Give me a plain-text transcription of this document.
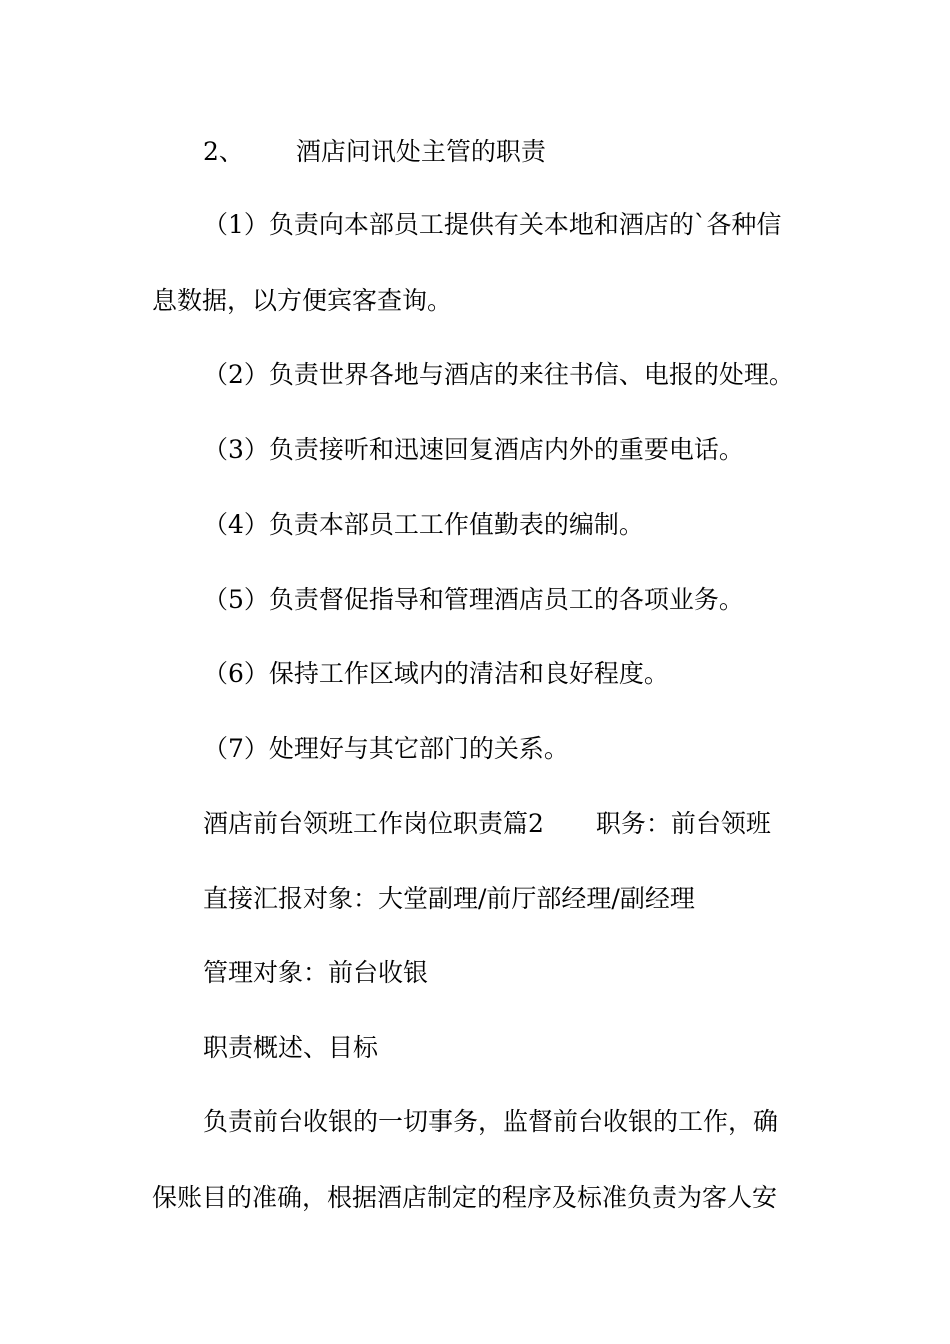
2、 酒店问讯处主管的职责
（1）负责向本部员工提供有关本地和酒店的`各种信
息数据，以方便宾客查询。
（2）负责世界各地与酒店的来往书信、电报的处理。
（3）负责接听和迅速回复酒店内外的重要电话。
（4）负责本部员工工作值勤表的编制。
（5）负责督促指导和管理酒店员工的各项业务。
（6）保持工作区域内的清洁和良好程度。
（7）处理好与其它部门的关系。
酒店前台领班工作岗位职责篇2 职务：前台领班
直接汇报对象：大堂副理/前厅部经理/副经理
管理对象：前台收银
职责概述、目标
负责前台收银的一切事务，监督前台收银的工作，确
保账目的准确，根据酒店制定的程序及标准负责为客人安
